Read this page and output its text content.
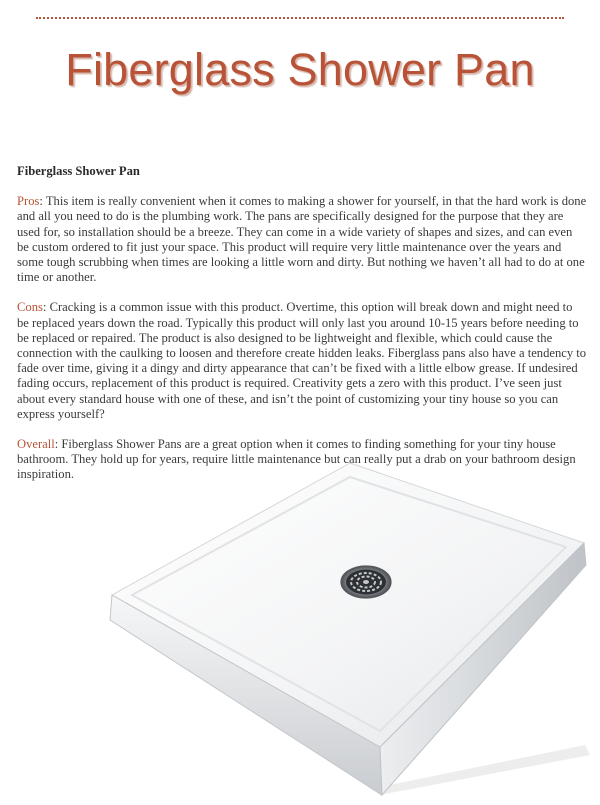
Fiberglass Shower Pan
Fiberglass Shower Pan

Pros: This item is really convenient when it comes to making a shower for yourself, in that the hard work is done and all you need to do is the plumbing work. The pans are specifically designed for the purpose that they are used for, so installation should be a breeze. They can come in a wide variety of shapes and sizes, and can even be custom ordered to fit just your space. This product will require very little maintenance over the years and some tough scrubbing when times are looking a little worn and dirty. But nothing we haven’t all had to do at one time or another.

Cons: Cracking is a common issue with this product. Overtime, this option will break down and might need to be replaced years down the road. Typically this product will only last you around 10-15 years before needing to be replaced or repaired. The product is also designed to be lightweight and flexible, which could cause the connection with the caulking to loosen and therefore create hidden leaks. Fiberglass pans also have a tendency to fade over time, giving it a dingy and dirty appearance that can’t be fixed with a little elbow grease. If undesired fading occurs, replacement of this product is required. Creativity gets a zero with this product. I’ve seen just about every standard house with one of these, and isn’t the point of customizing your tiny house so you can express yourself?

Overall: Fiberglass Shower Pans are a great option when it comes to finding something for your tiny house bathroom. They hold up for years, require little maintenance but can really put a drab on your bathroom design inspiration.
